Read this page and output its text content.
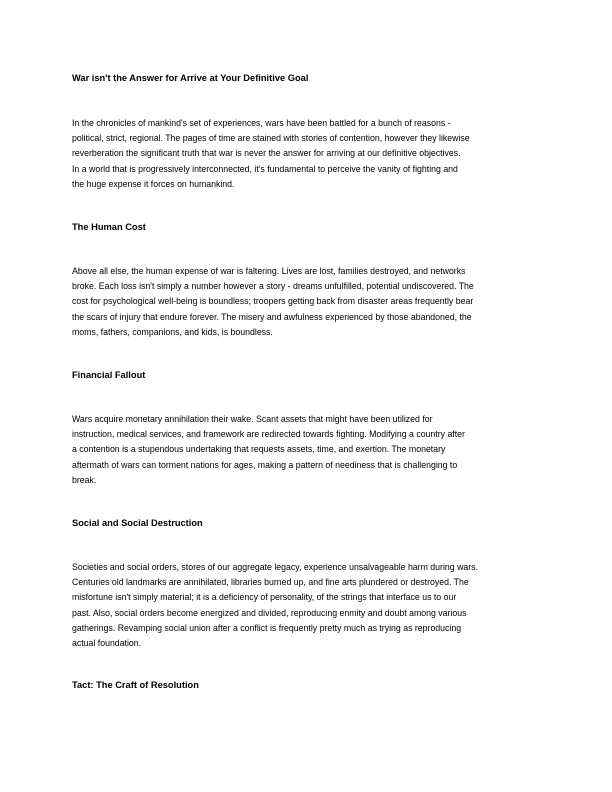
War isn't the Answer for Arrive at Your Definitive Goal
In the chronicles of mankind's set of experiences, wars have been battled for a bunch of reasons -
political, strict, regional. The pages of time are stained with stories of contention, however they likewise
reverberation the significant truth that war is never the answer for arriving at our definitive objectives.
In a world that is progressively interconnected, it's fundamental to perceive the vanity of fighting and
the huge expense it forces on humankind.
The Human Cost
Above all else, the human expense of war is faltering. Lives are lost, families destroyed, and networks
broke. Each loss isn't simply a number however a story - dreams unfulfilled, potential undiscovered. The
cost for psychological well-being is boundless; troopers getting back from disaster areas frequently bear
the scars of injury that endure forever. The misery and awfulness experienced by those abandoned, the
moms, fathers, companions, and kids, is boundless.
Financial Fallout
Wars acquire monetary annihilation their wake. Scant assets that might have been utilized for
instruction, medical services, and framework are redirected towards fighting. Modifying a country after
a contention is a stupendous undertaking that requests assets, time, and exertion. The monetary
aftermath of wars can torment nations for ages, making a pattern of neediness that is challenging to
break.
Social and Social Destruction
Societies and social orders, stores of our aggregate legacy, experience unsalvageable harm during wars.
Centuries old landmarks are annihilated, libraries burned up, and fine arts plundered or destroyed. The
misfortune isn't simply material; it is a deficiency of personality, of the strings that interface us to our
past. Also, social orders become energized and divided, reproducing enmity and doubt among various
gatherings. Revamping social union after a conflict is frequently pretty much as trying as reproducing
actual foundation.
Tact: The Craft of Resolution
